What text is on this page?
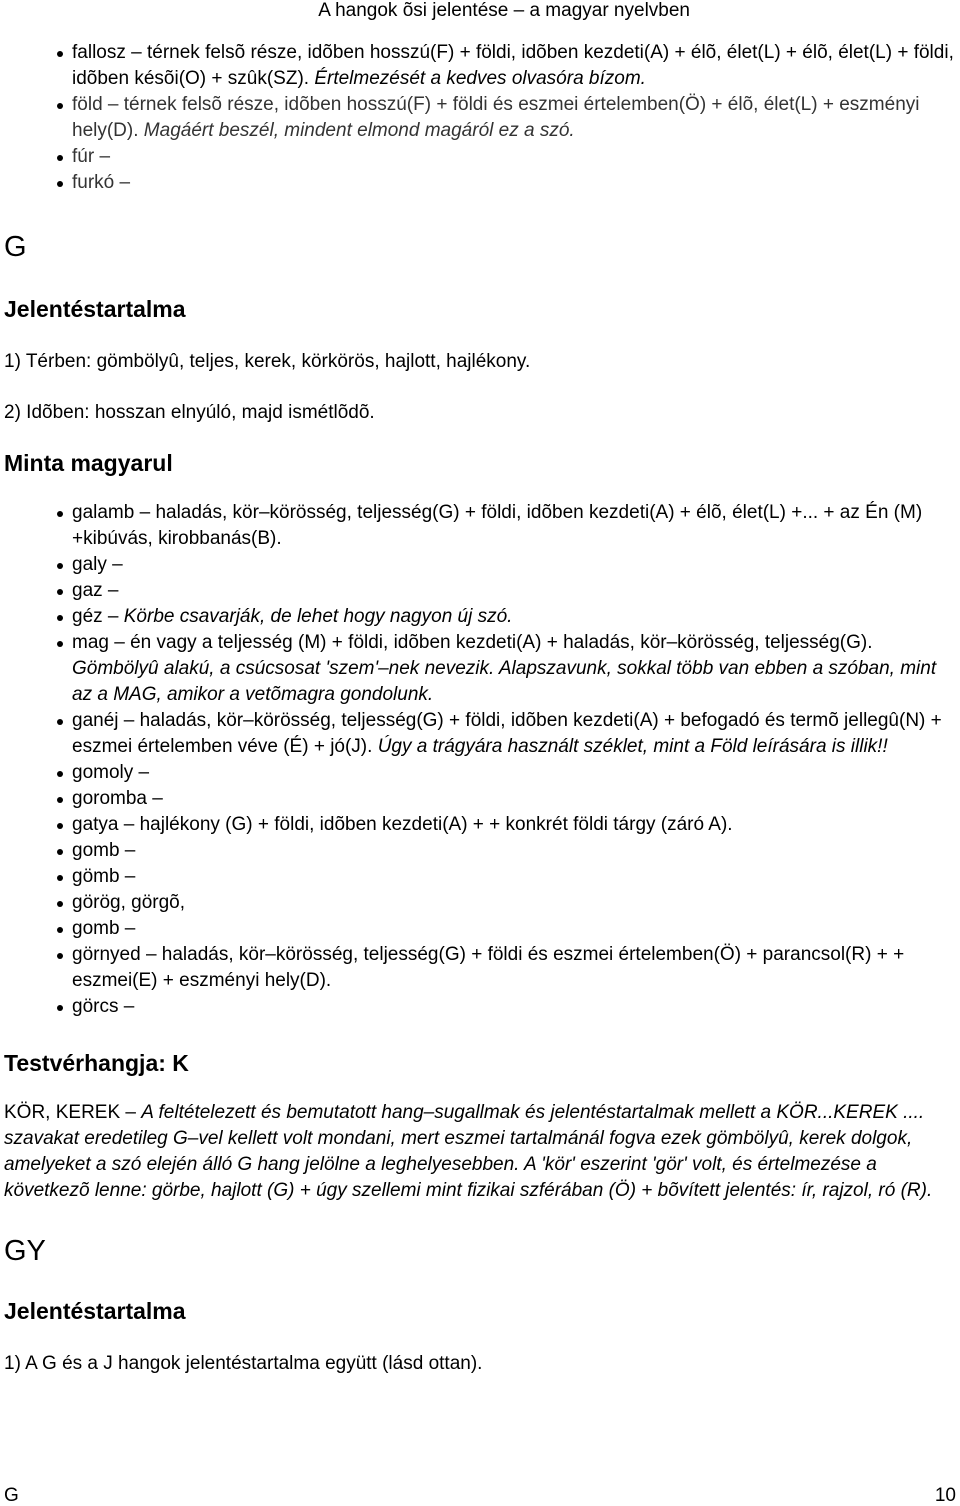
A hangok õsi jelentése – a magyar nyelvben
fallosz – térnek felsõ része, idõben hosszú(F) + földi, idõben kezdeti(A) + élõ, élet(L) + élõ, élet(L) + földi, idõben késõi(O) + szûk(SZ). Értelmezését a kedves olvasóra bízom.
föld – térnek felsõ része, idõben hosszú(F) + földi és eszmei értelemben(Ö) + élõ, élet(L) + eszményi hely(D). Magáért beszél, mindent elmond magáról ez a szó.
fúr –
furkó –
G
Jelentéstartalma

1) Térben: gömbölyû, teljes, kerek, körkörös, hajlott, hajlékony.

2) Idõben: hosszan elnyúló, majd ismétlõdõ.

Minta magyarul
galamb – haladás, kör–körösség, teljesség(G) + földi, idõben kezdeti(A) + élõ, élet(L) +... + az Én (M) +kibúvás, kirobbanás(B).
galy –
gaz –
géz – Körbe csavarják, de lehet hogy nagyon új szó.
mag – én vagy a teljesség (M) + földi, idõben kezdeti(A) + haladás, kör–körösség, teljesség(G). Gömbölyû alakú, a csúcsosat 'szem'–nek nevezik. Alapszavunk, sokkal több van ebben a szóban, mint az a MAG, amikor a vetõmagra gondolunk.
ganéj – haladás, kör–körösség, teljesség(G) + földi, idõben kezdeti(A) + befogadó és termõ jellegû(N) + eszmei értelemben véve (É) + jó(J). Úgy a trágyára használt széklet, mint a Föld leírására is illik!!
gomoly –
goromba –
gatya – hajlékony (G) + földi, idõben kezdeti(A) + + konkrét földi tárgy (záró A).
gomb –
gömb –
görög, görgõ,
gomb –
görnyed – haladás, kör–körösség, teljesség(G) + földi és eszmei értelemben(Ö) + parancsol(R) + + eszmei(E) + eszményi hely(D).
görcs –
Testvérhangja: K

KÖR, KEREK – A feltételezett és bemutatott hang–sugallmak és jelentéstartalmak mellett a KÖR...KEREK .... szavakat eredetileg G–vel kellett volt mondani, mert eszmei tartalmánál fogva ezek gömbölyû, kerek dolgok, amelyeket a szó elején álló G hang jelölne a leghelyesebben. A 'kör' eszerint 'gör' volt, és értelmezése a következõ lenne: görbe, hajlott (G) + úgy szellemi mint fizikai szférában (Ö) + bõvített jelentés: ír, rajzol, ró (R).

GY
Jelentéstartalma

1) A G és a J hangok jelentéstartalma együtt (lásd ottan).

G	10
